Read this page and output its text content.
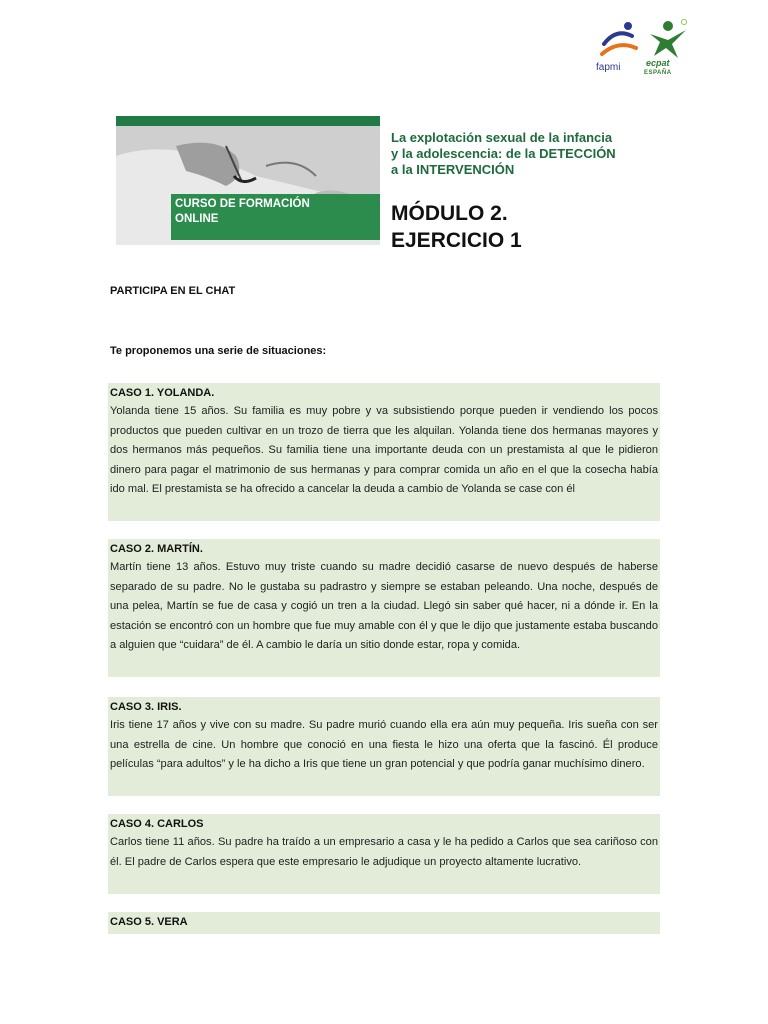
fapmi	ecpat
ESPAÑA
CURSO DE FORMACIÓN
ONLINE
La explotación sexual de la infancia
y la adolescencia: de la DETECCIÓN
a la INTERVENCIÓN
MÓDULO 2.
EJERCICIO 1
PARTICIPA EN EL CHAT
Te proponemos una serie de situaciones:
CASO 1. YOLANDA.
Yolanda tiene 15 años. Su familia es muy pobre y va subsistiendo porque pueden ir vendiendo los pocos productos que pueden cultivar en un trozo de tierra que les alquilan. Yolanda tiene dos hermanas mayores y dos hermanos más pequeños. Su familia tiene una importante deuda con un prestamista al que le pidieron dinero para pagar el matrimonio de sus hermanas y para comprar comida un año en el que la cosecha había ido mal. El prestamista se ha ofrecido a cancelar la deuda a cambio de Yolanda se case con él
CASO 2. MARTÍN.
Martín tiene 13 años. Estuvo muy triste cuando su madre decidió casarse de nuevo después de haberse separado de su padre. No le gustaba su padrastro y siempre se estaban peleando. Una noche, después de una pelea, Martín se fue de casa y cogió un tren a la ciudad. Llegó sin saber qué hacer, ni a dónde ir. En la estación se encontró con un hombre que fue muy amable con él y que le dijo que justamente estaba buscando a alguien que “cuidara” de él. A cambio le daría un sitio donde estar, ropa y comida.
CASO 3. IRIS.
Iris tiene 17 años y vive con su madre. Su padre murió cuando ella era aún muy pequeña. Iris sueña con ser una estrella de cine. Un hombre que conoció en una fiesta le hizo una oferta que la fascinó. Él produce películas “para adultos” y le ha dicho a Iris que tiene un gran potencial y que podría ganar muchísimo dinero.
CASO 4. CARLOS
Carlos tiene 11 años. Su padre ha traído a un empresario a casa y le ha pedido a Carlos que sea cariñoso con él. El padre de Carlos espera que este empresario le adjudique un proyecto altamente lucrativo.
CASO 5. VERA
